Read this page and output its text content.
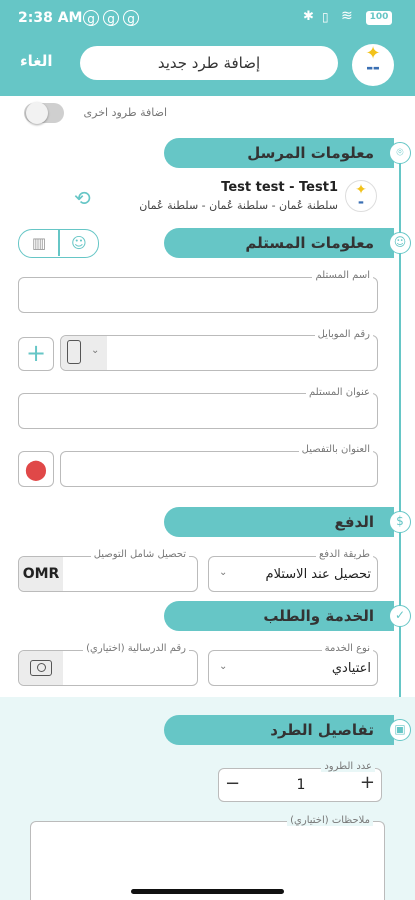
2:38 AM g	g	g	✱ ▯ ≋	100
الغاء	إضافة طرد جديد	✦
▬▬
اضافة طرود اخرى
معلومات المرسل	⌾
✦
▬
Test test - Test1
سلطنة عُمان - سلطنة عُمان - سلطنة عُمان
⟲
معلومات المستلم	☺
▥	☺
اسم المستلم
+	⌄
رقم الموبايل
عنوان المستلم
⬤
العنوان بالتفصيل
الدفع	$
⌄	تحصيل عند الاستلام
طريقة الدفع
OMR
تحصيل شامل التوصيل
الخدمة والطلب	✓
⌄	اعتيادي
نوع الخدمة
رقم الدرسالية (اختياري)
تفاصيل الطرد	▣
−	1	+
عدد الطرود
ملاحظات (اختياري)
